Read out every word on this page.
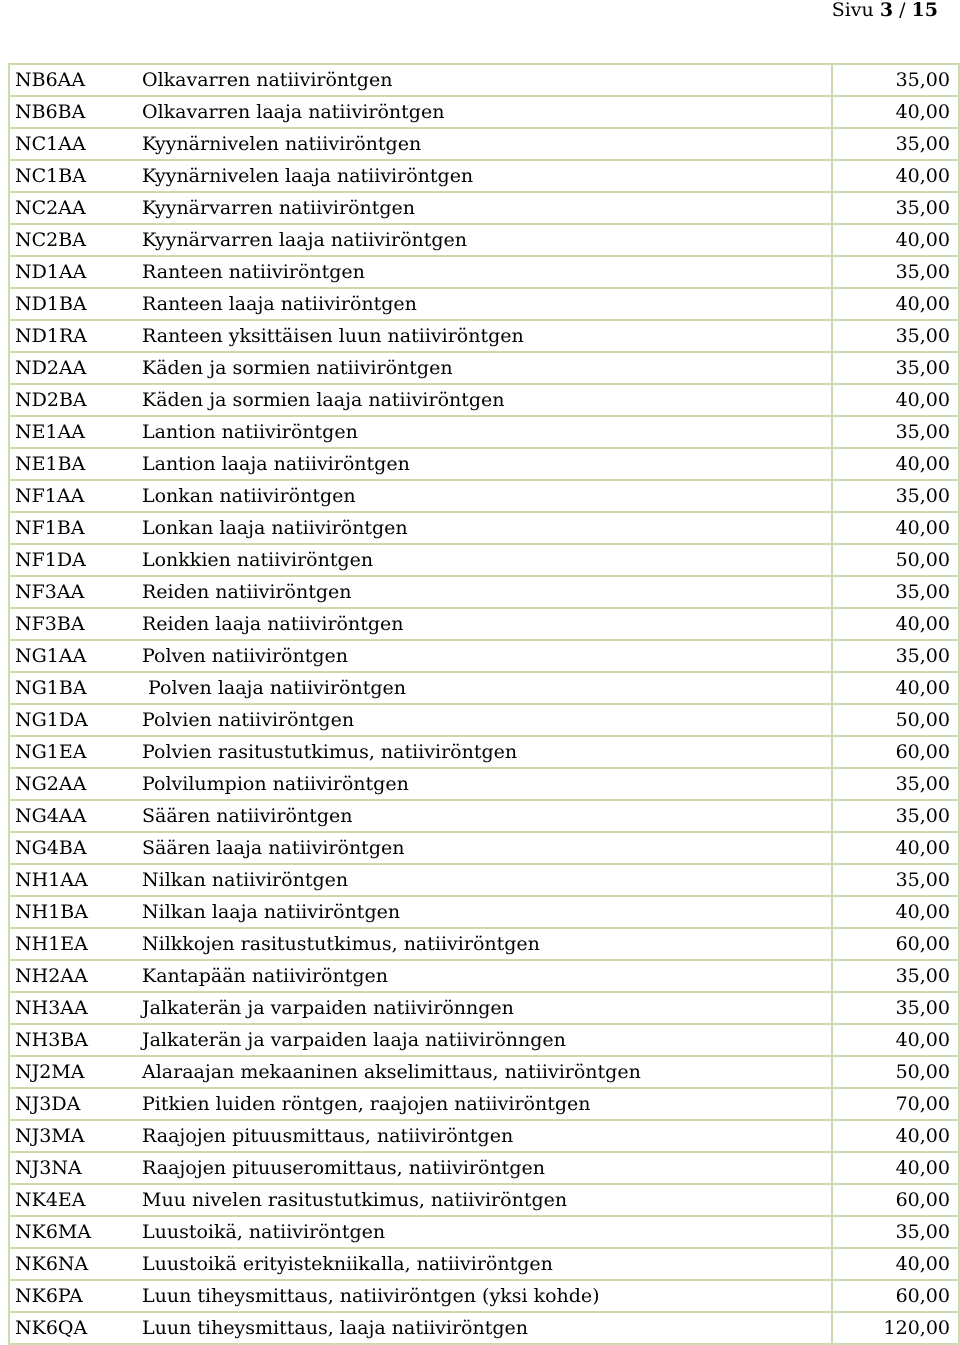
Sivu 3 / 15
NB6AA	Olkavarren natiiviröntgen	35,00
NB6BA	Olkavarren laaja natiiviröntgen	40,00
NC1AA	Kyynärnivelen natiiviröntgen	35,00
NC1BA	Kyynärnivelen laaja natiiviröntgen	40,00
NC2AA	Kyynärvarren natiiviröntgen	35,00
NC2BA	Kyynärvarren laaja natiiviröntgen	40,00
ND1AA	Ranteen natiiviröntgen	35,00
ND1BA	Ranteen laaja natiiviröntgen	40,00
ND1RA	Ranteen yksittäisen luun natiiviröntgen	35,00
ND2AA	Käden ja sormien natiiviröntgen	35,00
ND2BA	Käden ja sormien laaja natiiviröntgen	40,00
NE1AA	Lantion natiiviröntgen	35,00
NE1BA	Lantion laaja natiiviröntgen	40,00
NF1AA	Lonkan natiiviröntgen	35,00
NF1BA	Lonkan laaja natiiviröntgen	40,00
NF1DA	Lonkkien natiiviröntgen	50,00
NF3AA	Reiden natiiviröntgen	35,00
NF3BA	Reiden laaja natiiviröntgen	40,00
NG1AA	Polven natiiviröntgen	35,00
NG1BA	Polven laaja natiiviröntgen	40,00
NG1DA	Polvien natiiviröntgen	50,00
NG1EA	Polvien rasitustutkimus, natiiviröntgen	60,00
NG2AA	Polvilumpion natiiviröntgen	35,00
NG4AA	Säären natiiviröntgen	35,00
NG4BA	Säären laaja natiiviröntgen	40,00
NH1AA	Nilkan natiiviröntgen	35,00
NH1BA	Nilkan laaja natiiviröntgen	40,00
NH1EA	Nilkkojen rasitustutkimus, natiiviröntgen	60,00
NH2AA	Kantapään natiiviröntgen	35,00
NH3AA	Jalkaterän ja varpaiden natiivirönngen	35,00
NH3BA	Jalkaterän ja varpaiden laaja natiivirönngen	40,00
NJ2MA	Alaraajan mekaaninen akselimittaus, natiiviröntgen	50,00
NJ3DA	Pitkien luiden röntgen, raajojen natiiviröntgen	70,00
NJ3MA	Raajojen pituusmittaus, natiiviröntgen	40,00
NJ3NA	Raajojen pituuseromittaus, natiiviröntgen	40,00
NK4EA	Muu nivelen rasitustutkimus, natiiviröntgen	60,00
NK6MA	Luustoikä, natiiviröntgen	35,00
NK6NA	Luustoikä erityistekniikalla, natiiviröntgen	40,00
NK6PA	Luun tiheysmittaus, natiiviröntgen (yksi kohde)	60,00
NK6QA	Luun tiheysmittaus, laaja natiiviröntgen	120,00
